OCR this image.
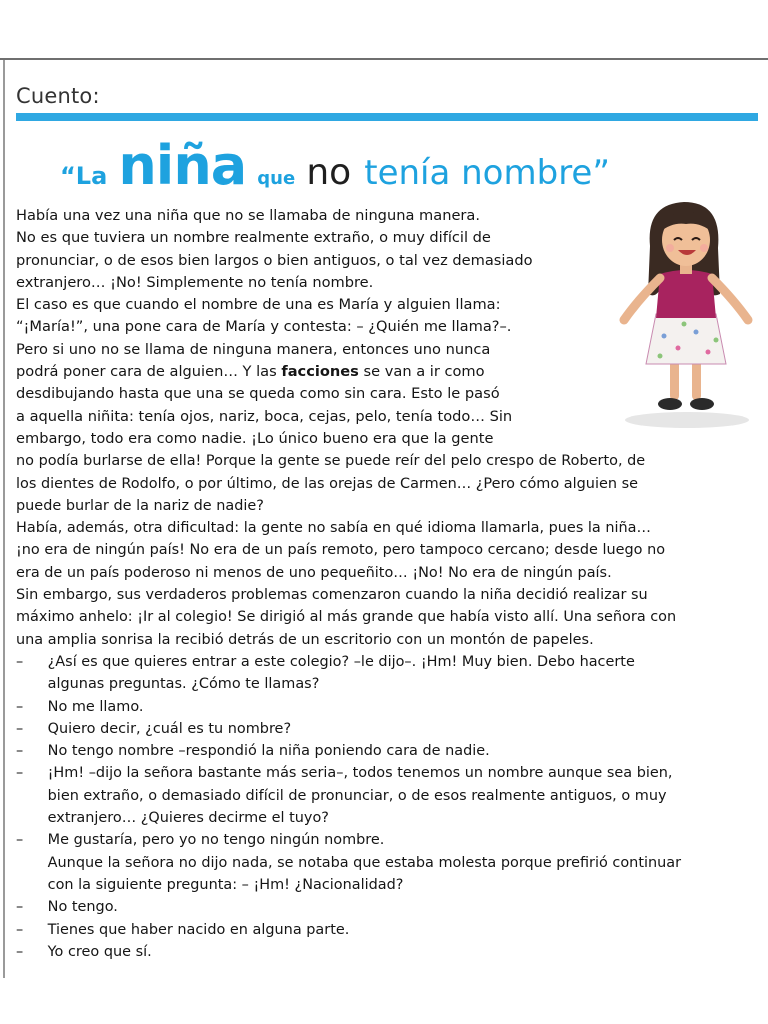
Cuento:
“La niña que no tenía nombre”
Había una vez una niña que no se llamaba de ninguna manera.
No es que tuviera un nombre realmente extraño, o muy difícil de
pronunciar, o de esos bien largos o bien antiguos, o tal vez demasiado
extranjero… ¡No! Simplemente no tenía nombre.
El caso es que cuando el nombre de una es María y alguien llama:
“¡María!”, una pone cara de María y contesta: – ¿Quién me llama?–.
Pero si uno no se llama de ninguna manera, entonces uno nunca
podrá poner cara de alguien… Y las facciones se van a ir como
desdibujando hasta que una se queda como sin cara. Esto le pasó
a aquella niñita: tenía ojos, nariz, boca, cejas, pelo, tenía todo… Sin
embargo, todo era como nadie. ¡Lo único bueno era que la gente
no podía burlarse de ella! Porque la gente se puede reír del pelo crespo de Roberto, de
los dientes de Rodolfo, o por último, de las orejas de Carmen… ¿Pero cómo alguien se
puede burlar de la nariz de nadie?
Había, además, otra dificultad: la gente no sabía en qué idioma llamarla, pues la niña…
¡no era de ningún país! No era de un país remoto, pero tampoco cercano; desde luego no
era de un país poderoso ni menos de uno pequeñito… ¡No! No era de ningún país.
Sin embargo, sus verdaderos problemas comenzaron cuando la niña decidió realizar su
máximo anhelo: ¡Ir al colegio! Se dirigió al más grande que había visto allí. Una señora con
una amplia sonrisa la recibió detrás de un escritorio con un montón de papeles.
–	¿Así es que quieres entrar a este colegio? –le dijo–. ¡Hm! Muy bien. Debo hacerte
algunas preguntas. ¿Cómo te llamas?
–	No me llamo.
–	Quiero decir, ¿cuál es tu nombre?
–	No tengo nombre –respondió la niña poniendo cara de nadie.
–	¡Hm! –dijo la señora bastante más seria–, todos tenemos un nombre aunque sea bien,
bien extraño, o demasiado difícil de pronunciar, o de esos realmente antiguos, o muy
extranjero… ¿Quieres decirme el tuyo?
–	Me gustaría, pero yo no tengo ningún nombre.
Aunque la señora no dijo nada, se notaba que estaba molesta porque prefirió continuar
con la siguiente pregunta: – ¡Hm! ¿Nacionalidad?
–	No tengo.
–	Tienes que haber nacido en alguna parte.
–	Yo creo que sí.
